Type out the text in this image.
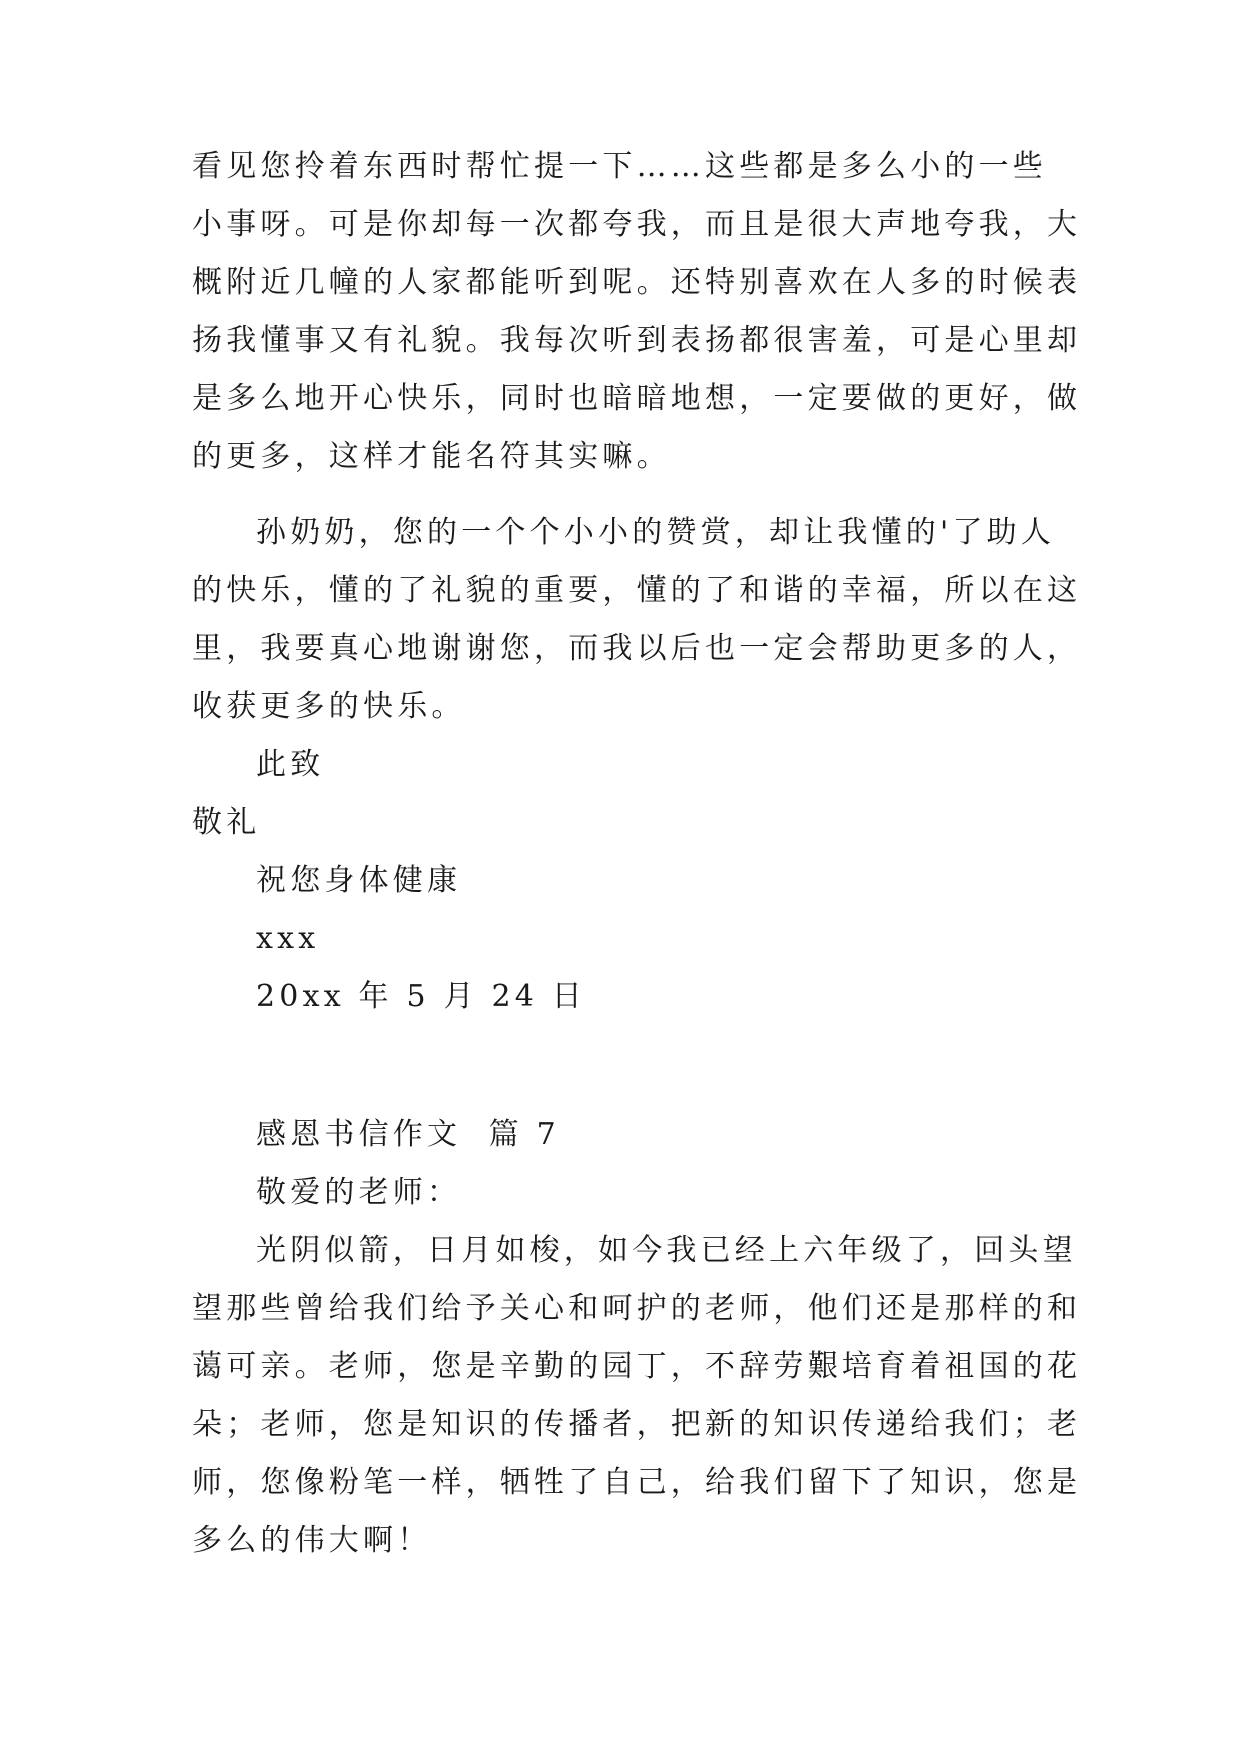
看见您拎着东西时帮忙提一下……这些都是多么小的一些
小事呀。可是你却每一次都夸我，而且是很大声地夸我，大
概附近几幢的人家都能听到呢。还特别喜欢在人多的时候表
扬我懂事又有礼貌。我每次听到表扬都很害羞，可是心里却
是多么地开心快乐，同时也暗暗地想，一定要做的更好，做
的更多，这样才能名符其实嘛。
孙奶奶，您的一个个小小的赞赏，却让我懂的'了助人
的快乐，懂的了礼貌的重要，懂的了和谐的幸福，所以在这
里，我要真心地谢谢您，而我以后也一定会帮助更多的人，
收获更多的快乐。

此致

敬礼

祝您身体健康

xxx

20xx 年 5 月 24 日

感恩书信作文  篇 7

敬爱的老师：

光阴似箭，日月如梭，如今我已经上六年级了，回头望
望那些曾给我们给予关心和呵护的老师，他们还是那样的和
蔼可亲。老师，您是辛勤的园丁，不辞劳艱培育着祖国的花
朵；老师，您是知识的传播者，把新的知识传递给我们；老
师，您像粉笔一样，牺牲了自己，给我们留下了知识，您是
多么的伟大啊！
